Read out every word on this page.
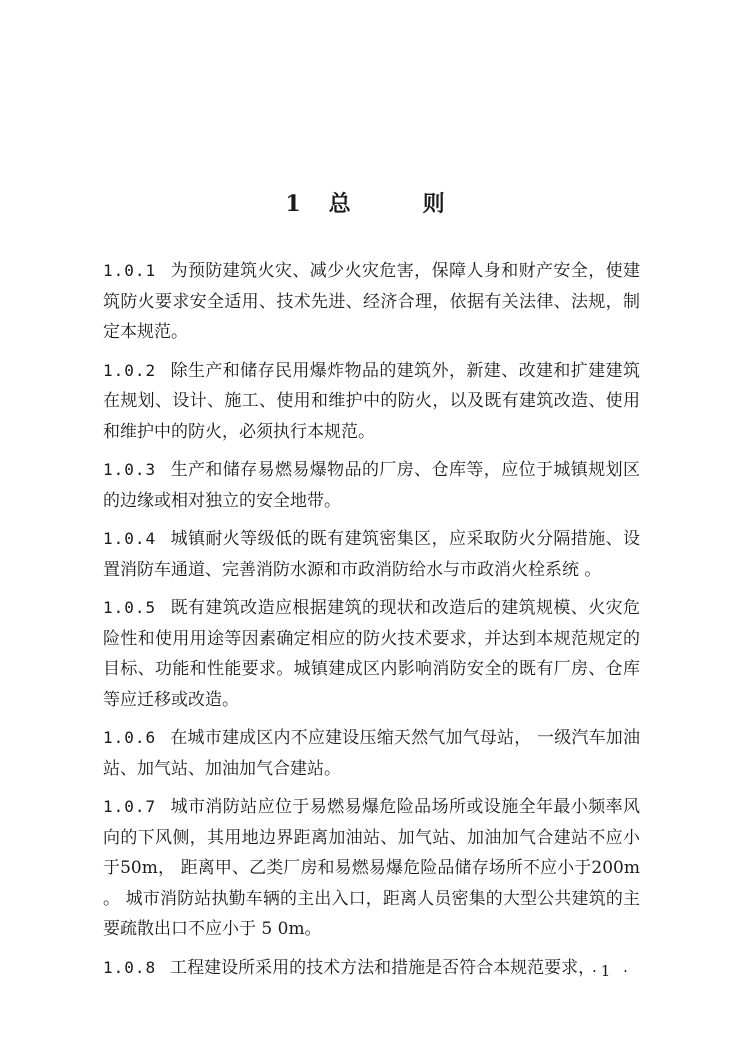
1 总	则

1.0.1 为预防建筑火灾、减少火灾危害，保障人身和财产安全，使建筑防火要求安全适用、技术先进、经济合理，依据有关法律、法规，制定本规范。

1.0.2 除生产和储存民用爆炸物品的建筑外，新建、改建和扩建建筑在规划、设计、施工、使用和维护中的防火，以及既有建筑改造、使用和维护中的防火，必须执行本规范。

1.0.3 生产和储存易燃易爆物品的厂房、仓库等，应位于城镇规划区的边缘或相对独立的安全地带。

1.0.4 城镇耐火等级低的既有建筑密集区，应采取防火分隔措施、设置消防车通道、完善消防水源和市政消防给水与市政消火栓系统 。

1.0.5 既有建筑改造应根据建筑的现状和改造后的建筑规模、火灾危险性和使用用途等因素确定相应的防火技术要求，并达到本规范规定的目标、功能和性能要求。城镇建成区内影响消防安全的既有厂房、仓库等应迁移或改造。

1.0.6 在城市建成区内不应建设压缩天然气加气母站， 一级汽车加油站、加气站、加油加气合建站。

1.0.7 城市消防站应位于易燃易爆危险品场所或设施全年最小频率风向的下风侧，其用地边界距离加油站、加气站、加油加气合建站不应小于50m， 距离甲、乙类厂房和易燃易爆危险品储存场所不应小于200m 。 城市消防站执勤车辆的主出入口，距离人员密集的大型公共建筑的主要疏散出口不应小于 5 0m。

1.0.8 工程建设所采用的技术方法和措施是否符合本规范要求，

·1 ·
